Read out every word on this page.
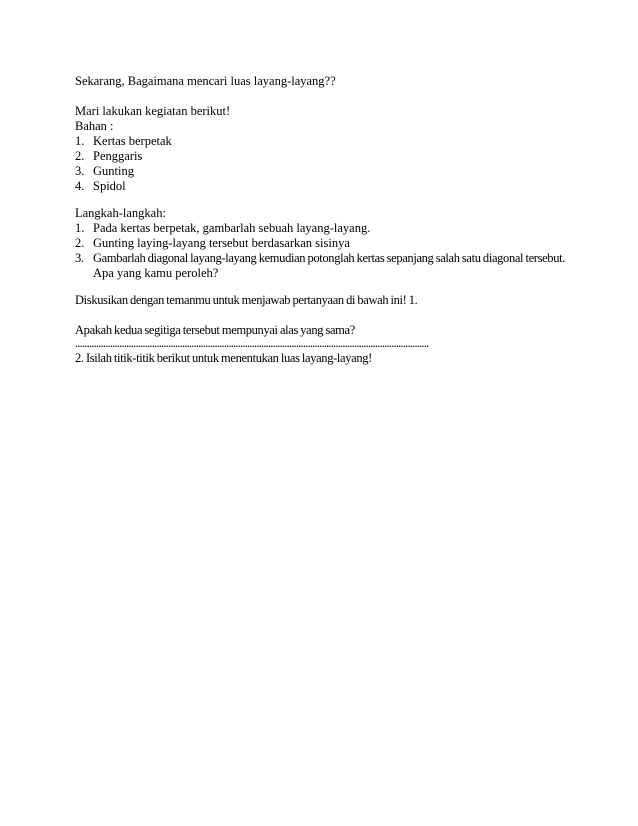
Sekarang, Bagaimana mencari luas layang-layang??
Mari lakukan kegiatan berikut!
Bahan :
1. Kertas berpetak
2. Penggaris
3. Gunting
4. Spidol
Langkah-langkah:
1. Pada kertas berpetak, gambarlah sebuah layang-layang.
2. Gunting laying-layang tersebut berdasarkan sisinya
3. Gambarlah diagonal layang-layang kemudian potonglah kertas sepanjang salah satu diagonal tersebut.
Apa yang kamu peroleh?
Diskusikan dengan temanmu untuk menjawab pertanyaan di bawah ini! 1.
Apakah kedua segitiga tersebut mempunyai alas yang sama?
........................................................................................................................................................
2. Isilah titik-titik berikut untuk menentukan luas layang-layang!
